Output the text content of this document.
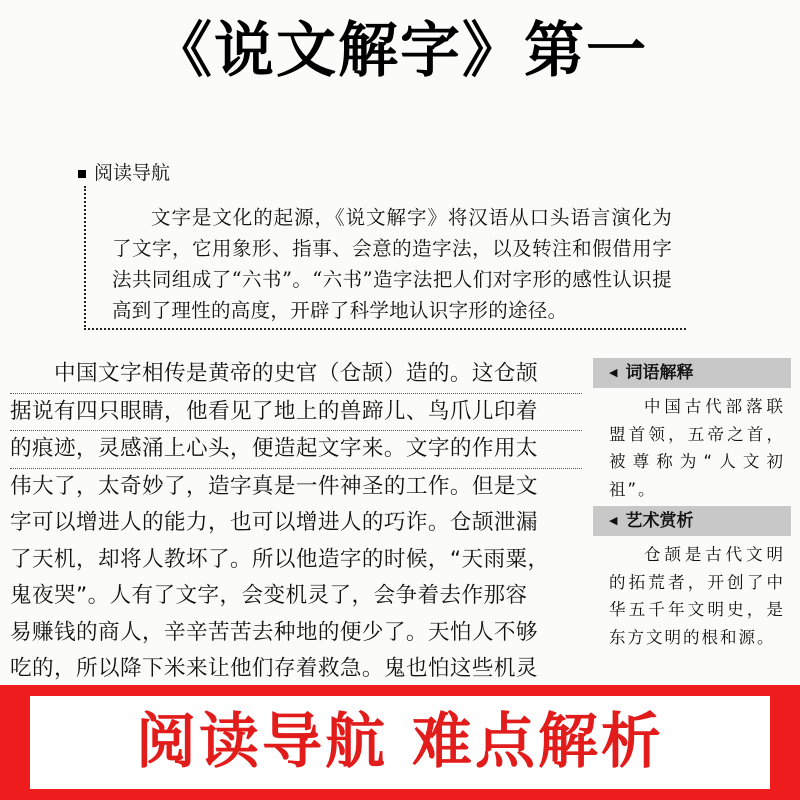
《说文解字》第一
阅读导航
文字是文化的起源，《说文解字》将汉语从口头语言演化为了文字，它用象形、指事、会意的造字法，以及转注和假借用字法共同组成了“六书”。“六书”造字法把人们对字形的感性认识提高到了理性的高度，开辟了科学地认识字形的途径。
中国文字相传是黄帝的史官（仓颉）造的。这仓颉
据说有四只眼睛，他看见了地上的兽蹄儿、鸟爪儿印着
的痕迹，灵感涌上心头，便造起文字来。文字的作用太
伟大了，太奇妙了，造字真是一件神圣的工作。但是文
字可以增进人的能力，也可以增进人的巧诈。仓颉泄漏
了天机，却将人教坏了。所以他造字的时候，“天雨粟，
鬼夜哭”。人有了文字，会变机灵了，会争着去作那容
易赚钱的商人，辛辛苦苦去种地的便少了。天怕人不够
吃的，所以降下米来让他们存着救急。鬼也怕这些机灵
◀ 词语解释
中国古代部落联盟首领，五帝之首，被尊称为“人文初祖”。
◀ 艺术赏析
仓颉是古代文明的拓荒者，开创了中华五千年文明史，是东方文明的根和源。
阅读导航 难点解析
